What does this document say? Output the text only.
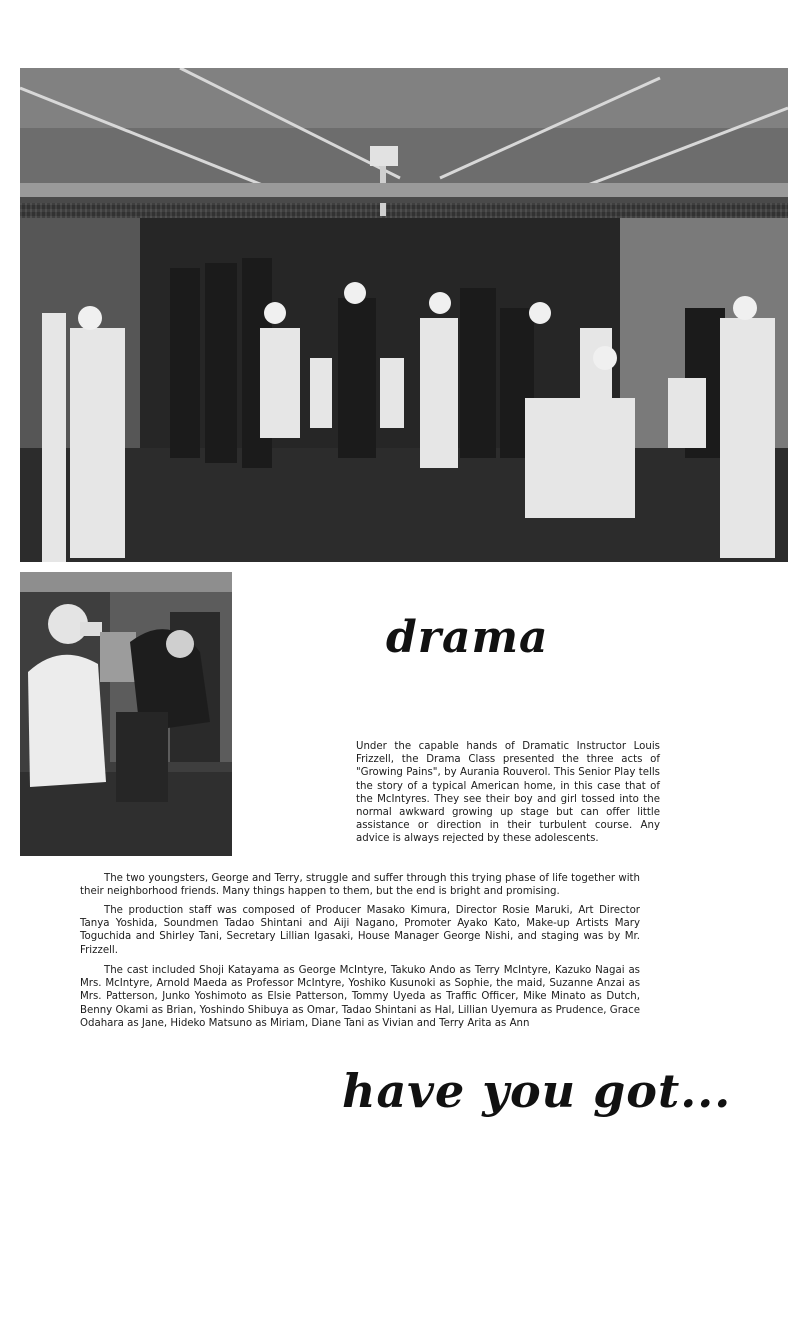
drama

Under the capable hands of Dramatic Instructor Louis Frizzell, the Drama Class presented the three acts of "Growing Pains", by Aurania Rouverol. This Senior Play tells the story of a typical American home, in this case that of the McIntyres. They see their boy and girl tossed into the normal awkward growing up stage but can offer little assistance or direction in their turbulent course. Any advice is always rejected by these adolescents.

The two youngsters, George and Terry, struggle and suffer through this trying phase of life together with their neighborhood friends. Many things happen to them, but the end is bright and promising.

The production staff was composed of Producer Masako Kimura, Director Rosie Maruki, Art Director Tanya Yoshida, Soundmen Tadao Shintani and Aiji Nagano, Promoter Ayako Kato, Make-up Artists Mary Toguchida and Shirley Tani, Secretary Lillian Igasaki, House Manager George Nishi, and staging was by Mr. Frizzell.

The cast included Shoji Katayama as George McIntyre, Takuko Ando as Terry McIntyre, Kazuko Nagai as Mrs. McIntyre, Arnold Maeda as Professor McIntyre, Yoshiko Kusunoki as Sophie, the maid, Suzanne Anzai as Mrs. Patterson, Junko Yoshimoto as Elsie Patterson, Tommy Uyeda as Traffic Officer, Mike Minato as Dutch, Benny Okami as Brian, Yoshindo Shibuya as Omar, Tadao Shintani as Hal, Lillian Uyemura as Prudence, Grace Odahara as Jane, Hideko Matsuno as Miriam, Diane Tani as Vivian and Terry Arita as Ann

have you got...
